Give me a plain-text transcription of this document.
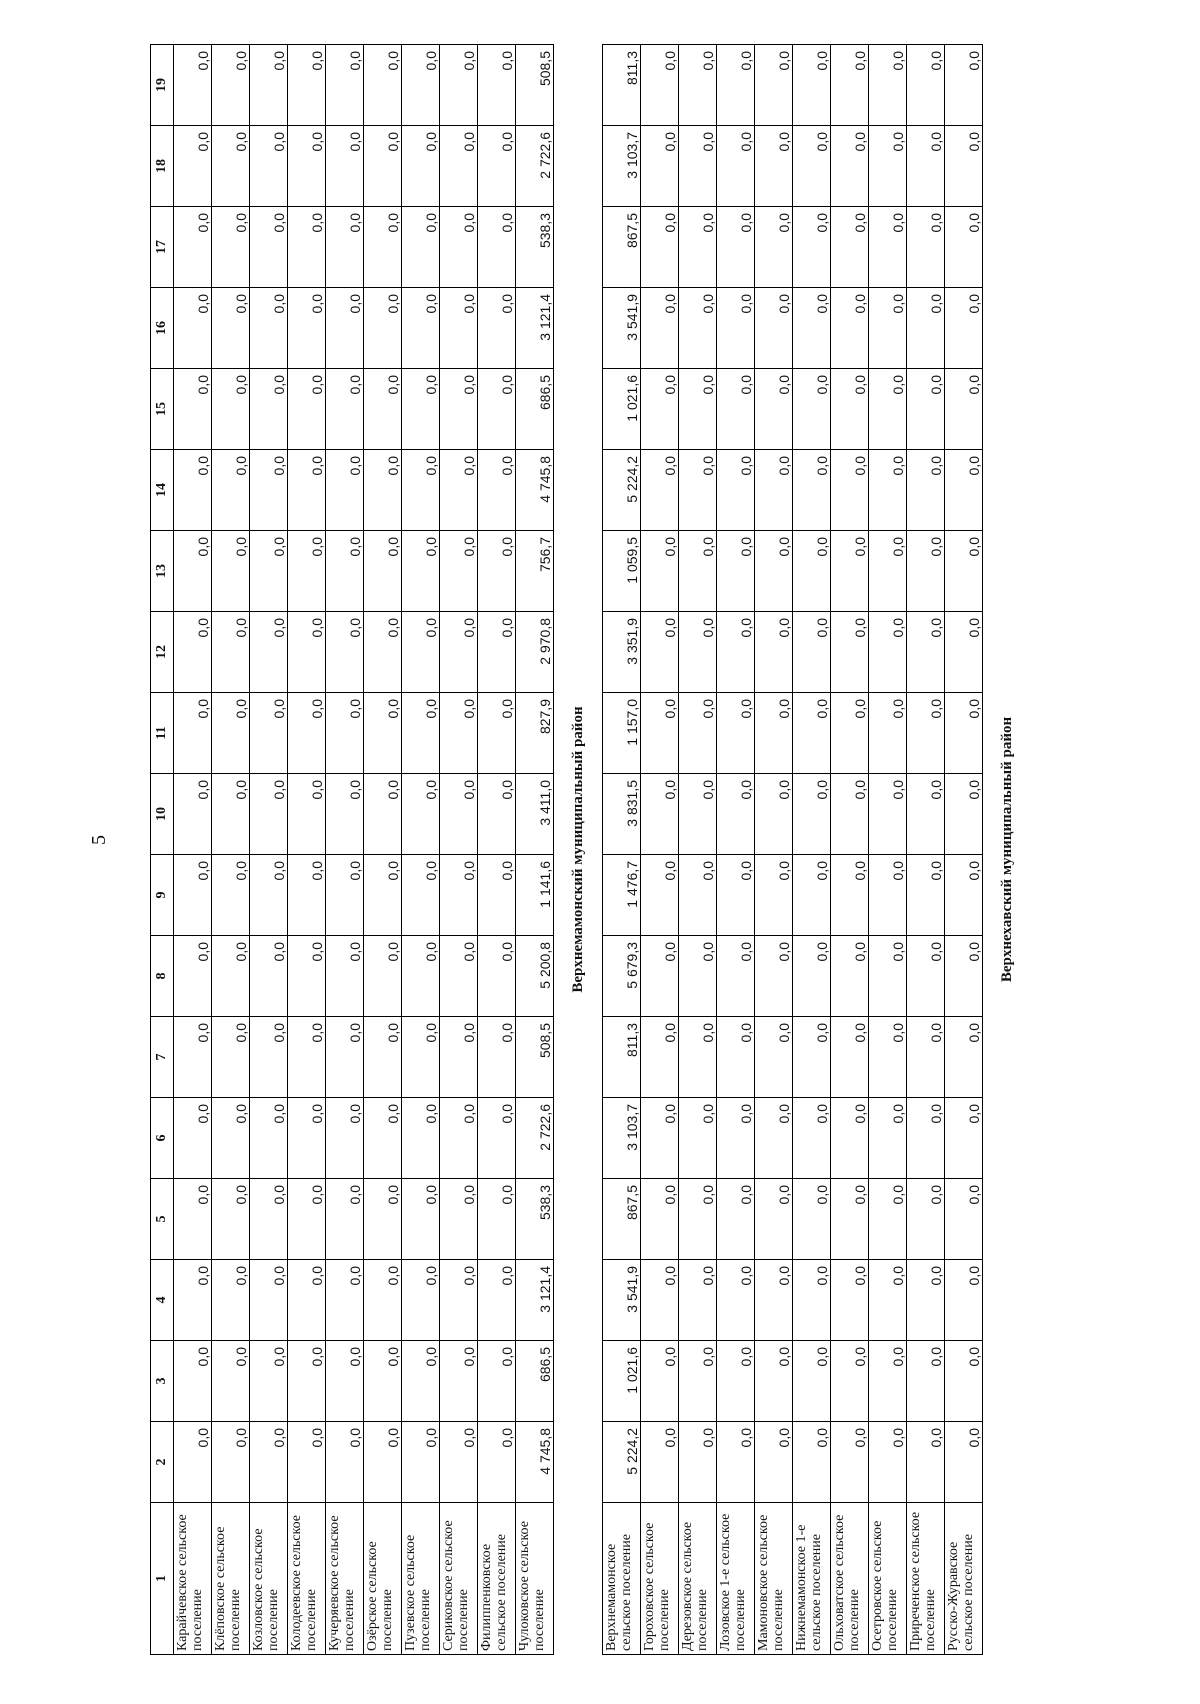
5
1	2	3	4	5	6	7	8	9	10	11	12	13	14	15	16	17	18	19
Карайчевское сельское поселение	0,0	0,0	0,0	0,0	0,0	0,0	0,0	0,0	0,0	0,0	0,0	0,0	0,0	0,0	0,0	0,0	0,0	0,0
Клёповское сельское поселение	0,0	0,0	0,0	0,0	0,0	0,0	0,0	0,0	0,0	0,0	0,0	0,0	0,0	0,0	0,0	0,0	0,0	0,0
Козловское сельское поселение	0,0	0,0	0,0	0,0	0,0	0,0	0,0	0,0	0,0	0,0	0,0	0,0	0,0	0,0	0,0	0,0	0,0	0,0
Колодеевское сельское поселение	0,0	0,0	0,0	0,0	0,0	0,0	0,0	0,0	0,0	0,0	0,0	0,0	0,0	0,0	0,0	0,0	0,0	0,0
Кучеряевское сельское поселение	0,0	0,0	0,0	0,0	0,0	0,0	0,0	0,0	0,0	0,0	0,0	0,0	0,0	0,0	0,0	0,0	0,0	0,0
Озёрское сельское поселение	0,0	0,0	0,0	0,0	0,0	0,0	0,0	0,0	0,0	0,0	0,0	0,0	0,0	0,0	0,0	0,0	0,0	0,0
Пузевское сельское поселение	0,0	0,0	0,0	0,0	0,0	0,0	0,0	0,0	0,0	0,0	0,0	0,0	0,0	0,0	0,0	0,0	0,0	0,0
Сериковское сельское поселение	0,0	0,0	0,0	0,0	0,0	0,0	0,0	0,0	0,0	0,0	0,0	0,0	0,0	0,0	0,0	0,0	0,0	0,0
Филиппенковское сельское поселение	0,0	0,0	0,0	0,0	0,0	0,0	0,0	0,0	0,0	0,0	0,0	0,0	0,0	0,0	0,0	0,0	0,0	0,0
Чулоковское сельское поселение	4 745,8	686,5	3 121,4	538,3	2 722,6	508,5	5 200,8	1 141,6	3 411,0	827,9	2 970,8	756,7	4 745,8	686,5	3 121,4	538,3	2 722,6	508,5
Верхнемамонский муниципальный район																		
Верхнемамонское сельское поселение	5 224,2	1 021,6	3 541,9	867,5	3 103,7	811,3	5 679,3	1 476,7	3 831,5	1 157,0	3 351,9	1 059,5	5 224,2	1 021,6	3 541,9	867,5	3 103,7	811,3
Гороховское сельское поселение	0,0	0,0	0,0	0,0	0,0	0,0	0,0	0,0	0,0	0,0	0,0	0,0	0,0	0,0	0,0	0,0	0,0	0,0
Дерезовское сельское поселение	0,0	0,0	0,0	0,0	0,0	0,0	0,0	0,0	0,0	0,0	0,0	0,0	0,0	0,0	0,0	0,0	0,0	0,0
Лозовское 1-е сельское поселение	0,0	0,0	0,0	0,0	0,0	0,0	0,0	0,0	0,0	0,0	0,0	0,0	0,0	0,0	0,0	0,0	0,0	0,0
Мамоновское сельское поселение	0,0	0,0	0,0	0,0	0,0	0,0	0,0	0,0	0,0	0,0	0,0	0,0	0,0	0,0	0,0	0,0	0,0	0,0
Нижнемамонское 1-е сельское поселение	0,0	0,0	0,0	0,0	0,0	0,0	0,0	0,0	0,0	0,0	0,0	0,0	0,0	0,0	0,0	0,0	0,0	0,0
Ольховатское сельское поселение	0,0	0,0	0,0	0,0	0,0	0,0	0,0	0,0	0,0	0,0	0,0	0,0	0,0	0,0	0,0	0,0	0,0	0,0
Осетровское сельское поселение	0,0	0,0	0,0	0,0	0,0	0,0	0,0	0,0	0,0	0,0	0,0	0,0	0,0	0,0	0,0	0,0	0,0	0,0
Приреченское сельское поселение	0,0	0,0	0,0	0,0	0,0	0,0	0,0	0,0	0,0	0,0	0,0	0,0	0,0	0,0	0,0	0,0	0,0	0,0
Русско-Журавское сельское поселение	0,0	0,0	0,0	0,0	0,0	0,0	0,0	0,0	0,0	0,0	0,0	0,0	0,0	0,0	0,0	0,0	0,0	0,0
Верхнехавский муниципальный район																		
